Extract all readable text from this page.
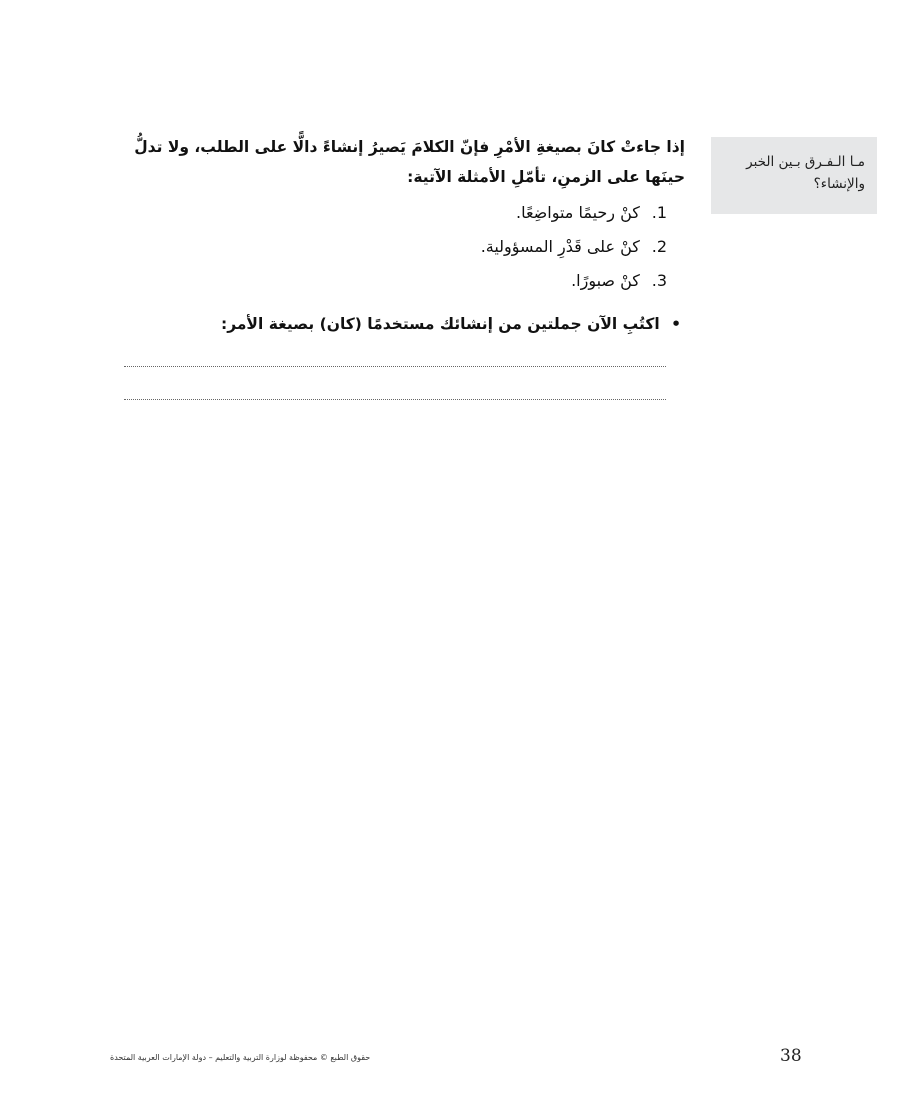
مـا الـفـرق بـين الخبر والإنشاء؟

إذا جاءتْ كانَ بصيغةِ الأمْرِ فإنّ الكلامَ يَصيرُ إنشاءً دالًّا على الطلب، ولا تدلُّ حينَها على الزمنِ، تأمّلِ الأمثلة الآتية:

1. كنْ رحيمًا متواضِعًا.
2. كنْ على قَدْرِ المسؤولية.
3. كنْ صبورًا.

• اكتُبِ الآن جملتين من إنشائك مستخدمًا (كان) بصيغة الأمر:

حقوق الطبع © محفوظة لوزارة التربية والتعليم – دولة الإمارات العربية المتحدة	38
